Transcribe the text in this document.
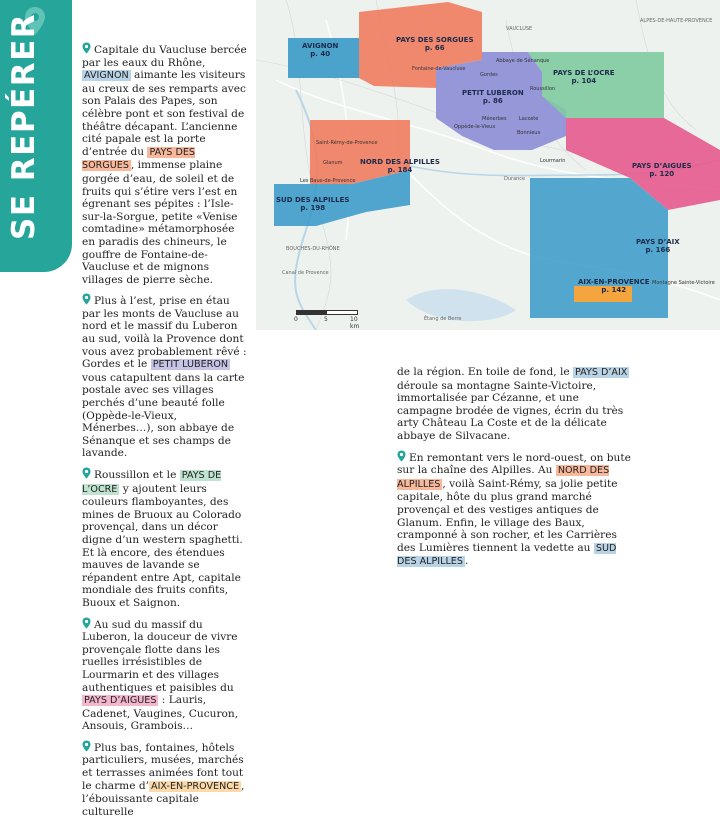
SE REPÉRER	Capitale du Vaucluse bercée par les eaux du Rhône, AVIGNON aimante les visiteurs au creux de ses remparts avec son Palais des Papes, son célèbre pont et son festival de théâtre décapant. L’ancienne cité papale est la porte d’entrée du PAYS DES SORGUES , immense plaine gorgée d’eau, de soleil et de fruits qui s’étire vers l’est en égrenant ses pépites : l’Isle-sur-la-Sorgue, petite «Venise comtadine» métamorphosée en paradis des chineurs, le gouffre de Fontaine-de-Vaucluse et de mignons villages de pierre sèche.

Plus à l’est, prise en étau par les monts de Vaucluse au nord et le massif du Luberon au sud, voilà la Provence dont vous avez probablement rêvé : Gordes et le PETIT LUBERON vous catapultent dans la carte postale avec ses villages perchés d’une beauté folle (Oppède-le-Vieux, Ménerbes…), son abbaye de Sénanque et ses champs de lavande.

Roussillon et le PAYS DE L’OCRE y ajoutent leurs couleurs flamboyantes, des mines de Bruoux au Colorado provençal, dans un décor digne d’un western spaghetti. Et là encore, des étendues mauves de lavande se répandent entre Apt, capitale mondiale des fruits confits, Buoux et Saignon.

Au sud du massif du Luberon, la douceur de vivre provençale flotte dans les ruelles irrésistibles de Lourmarin et des villages authentiques et paisibles du PAYS D’AIGUES : Lauris, Cadenet, Vaugines, Cucuron, Ansouis, Grambois…

Plus bas, fontaines, hôtels particuliers, musées, marchés et terrasses animées font tout le charme d’ AIX-EN-PROVENCE , l’ébouissante capitale culturelle

de la région. En toile de fond, le PAYS D’AIX déroule sa montagne Sainte-Victoire, immortalisée par Cézanne, et une campagne brodée de vignes, écrin du très arty Château La Coste et de la délicate abbaye de Silvacane.

En remontant vers le nord-ouest, on bute sur la chaîne des Alpilles. Au NORD DES ALPILLES , voilà Saint-Rémy, sa jolie petite capitale, hôte du plus grand marché provençal et des vestiges antiques de Glanum. Enfin, le village des Baux, cramponné à son rocher, et les Carrières des Lumières tiennent la vedette au SUD DES ALPILLES .

AVIGNON
p. 40
PAYS DES SORGUES
p. 66
PETIT LUBERON
p. 86
PAYS DE L’OCRE
p. 104
PAYS D’AIGUES
p. 120
NORD DES ALPILLES
p. 184
SUD DES ALPILLES
p. 198
PAYS D’AIX
p. 166
AIX-EN-PROVENCE
p. 142
Fontaine-de-Vaucluse
Gordes
Abbaye de Sénanque
Roussillon
Ménerbes Lacoste
Bonnieux
Oppède-le-Vieux
Lourmarin
Saint-Rémy-de-Provence
Glanum
Les Baux-de-Provence
Montagne Sainte-Victoire
VAUCLUSE
ALPES-DE-HAUTE-PROVENCE
BOUCHES-DU-RHÔNE
Durance
Canal de Provence
Étang de Berre
0	5	10 km
